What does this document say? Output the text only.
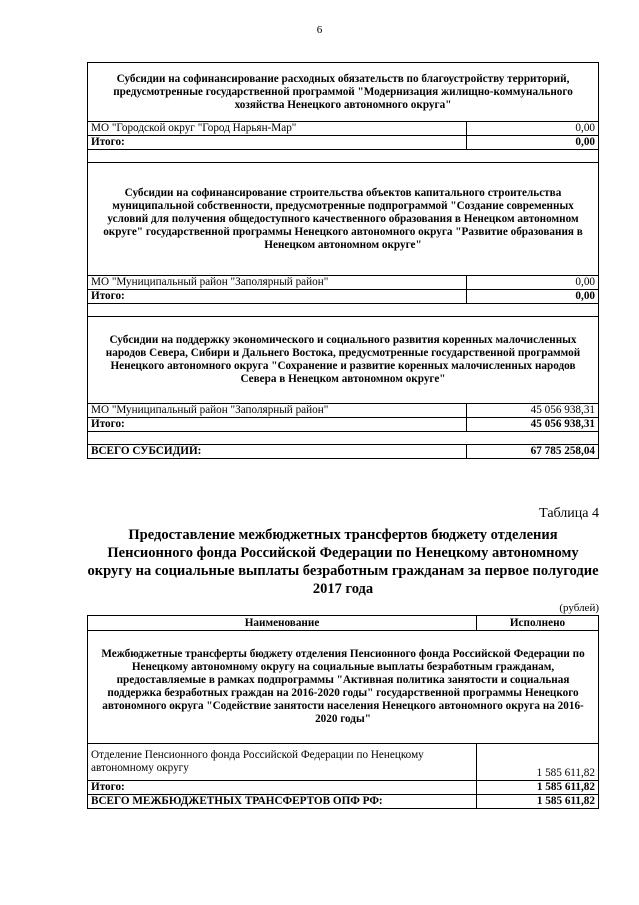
6
Субсидии на софинансирование расходных обязательств по благоустройству территорий, предусмотренные государственной программой "Модернизация жилищно-коммунального хозяйства Ненецкого автономного округа"	
МО "Городской округ "Город Нарьян-Мар"	0,00
Итого:	0,00

Субсидии на софинансирование строительства объектов капитального строительства муниципальной собственности, предусмотренные подпрограммой "Создание современных условий для получения общедоступного качественного образования в Ненецком автономном округе" государственной программы Ненецкого автономного округа "Развитие образования в Ненецком автономном округе"	
МО "Муниципальный район "Заполярный район"	0,00
Итого:	0,00

Субсидии на поддержку экономического и социального развития коренных малочисленных народов Севера, Сибири и Дальнего Востока, предусмотренные государственной программой Ненецкого автономного округа "Сохранение и развитие коренных малочисленных народов Севера в Ненецком автономном округе"	
МО "Муниципальный район "Заполярный район"	45 056 938,31
Итого:	45 056 938,31

ВСЕГО СУБСИДИЙ:	67 785 258,04
Таблица 4
Предоставление межбюджетных трансфертов бюджету отделения Пенсионного фонда Российской Федерации по Ненецкому автономному округу на социальные выплаты безработным гражданам за первое полугодие 2017 года
(рублей)
Наименование	Исполнено
Межбюджетные трансферты бюджету отделения Пенсионного фонда Российской Федерации по Ненецкому автономному округу на социальные выплаты безработным гражданам, предоставляемые в рамках подпрограммы "Активная политика занятости и социальная поддержка безработных граждан на 2016-2020 годы" государственной программы Ненецкого автономного округа "Содействие занятости населения Ненецкого автономного округа на 2016-2020 годы"	
Отделение Пенсионного фонда Российской Федерации по Ненецкому автономному округу	1 585 611,82
Итого:	1 585 611,82
ВСЕГО МЕЖБЮДЖЕТНЫХ ТРАНСФЕРТОВ ОПФ РФ:	1 585 611,82
